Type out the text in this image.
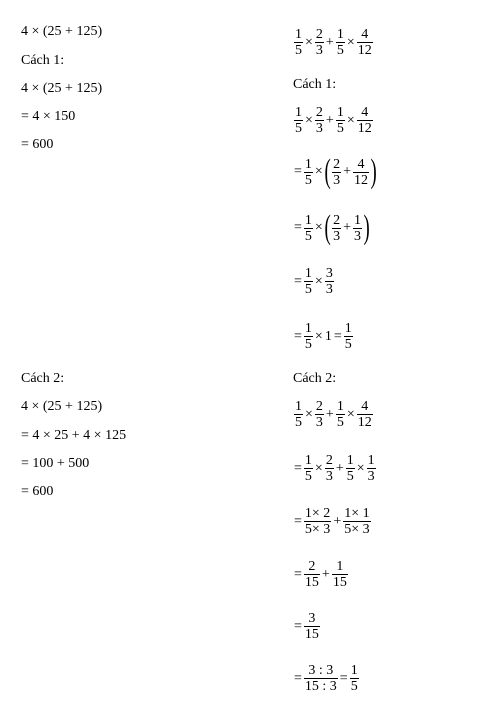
4 × (25 + 125)
Cách 1:
4 × (25 + 125)
= 4 × 150
= 600
Cách 2:
4 × (25 + 125)
= 4 × 25 + 4 × 125
= 100 + 500
= 600
$\frac{1}{5} \times \frac{2}{3} + \frac{1}{5} \times \frac{4}{12}$
Cách 1:
$\frac{1}{5} \times \frac{2}{3} + \frac{1}{5} \times \frac{4}{12}$
= $\frac{1}{5}$ × ( $\frac{2}{3} + \frac{4}{12}$ )
= $\frac{1}{5}$ × ( $\frac{2}{3} + \frac{1}{3}$ )
= $\frac{1}{5} \times \frac{3}{3}$
= $\frac{1}{5} \times 1 = \frac{1}{5}$
Cách 2:
$\frac{1}{5} \times \frac{2}{3} + \frac{1}{5} \times \frac{4}{12}$
= $\frac{1}{5} \times \frac{2}{3} + \frac{1}{5} \times \frac{1}{3}$
= $\frac{1\times 2}{5\times 3} + \frac{1\times 1}{5\times 3}$
= $\frac{2}{15} + \frac{1}{15}$
= $\frac{3}{15}$
= $\frac{3 : 3}{15 : 3} = \frac{1}{5}$
